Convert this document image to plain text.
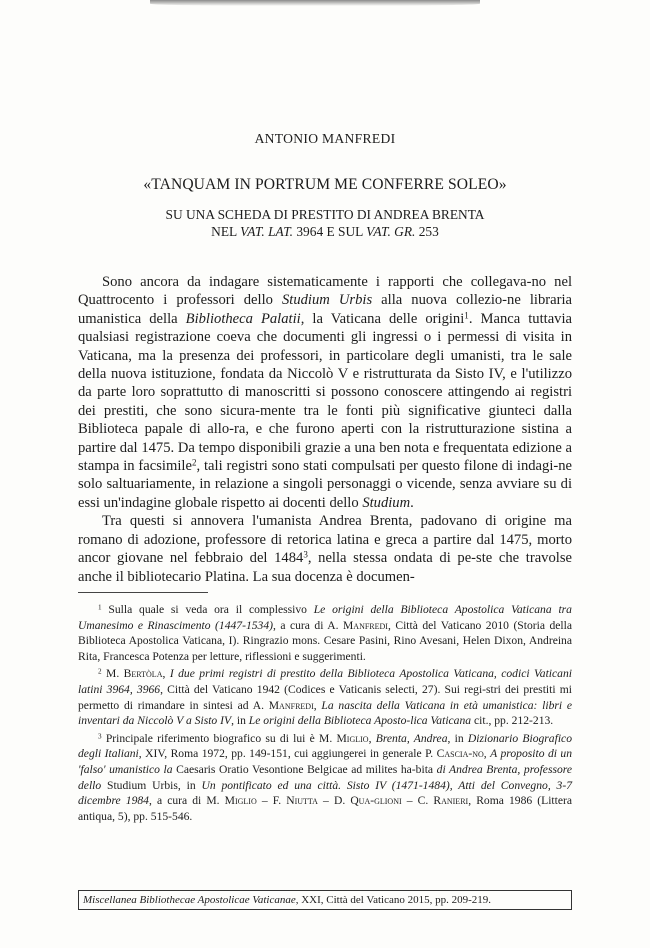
ANTONIO MANFREDI
«TANQUAM IN PORTRUM ME CONFERRE SOLEO»
SU UNA SCHEDA DI PRESTITO DI ANDREA BRENTA
NEL VAT. LAT. 3964 E SUL VAT. GR. 253

Sono ancora da indagare sistematicamente i rapporti che collegava-no nel Quattrocento i professori dello Studium Urbis alla nuova collezio-ne libraria umanistica della Bibliotheca Palatii, la Vaticana delle origini$^1$. Manca tuttavia qualsiasi registrazione coeva che documenti gli ingressi o i permessi di visita in Vaticana, ma la presenza dei professori, in particolare degli umanisti, tra le sale della nuova istituzione, fondata da Niccolò V e ristrutturata da Sisto IV, e l'utilizzo da parte loro soprattutto di manoscritti si possono conoscere attingendo ai registri dei prestiti, che sono sicura-mente tra le fonti più significative giunteci dalla Biblioteca papale di allo-ra, e che furono aperti con la ristrutturazione sistina a partire dal 1475. Da tempo disponibili grazie a una ben nota e frequentata edizione a stampa in facsimile$^2$, tali registri sono stati compulsati per questo filone di indagi-ne solo saltuariamente, in relazione a singoli personaggi o vicende, senza avviare su di essi un'indagine globale rispetto ai docenti dello Studium.

Tra questi si annovera l'umanista Andrea Brenta, padovano di origine ma romano di adozione, professore di retorica latina e greca a partire dal 1475, morto ancor giovane nel febbraio del 1484$^3$, nella stessa ondata di pe-ste che travolse anche il bibliotecario Platina. La sua docenza è documen-

$^1$ Sulla quale si veda ora il complessivo Le origini della Biblioteca Apostolica Vaticana tra Umanesimo e Rinascimento (1447-1534), a cura di A. Manfredi, Città del Vaticano 2010 (Storia della Biblioteca Apostolica Vaticana, I). Ringrazio mons. Cesare Pasini, Rino Avesani, Helen Dixon, Andreina Rita, Francesca Potenza per letture, riflessioni e suggerimenti.

$^2$ M. Bertòla, I due primi registri di prestito della Biblioteca Apostolica Vaticana, codici Vaticani latini 3964, 3966, Città del Vaticano 1942 (Codices e Vaticanis selecti, 27). Sui regi-stri dei prestiti mi permetto di rimandare in sintesi ad A. Manfredi, La nascita della Vaticana in età umanistica: libri e inventari da Niccolò V a Sisto IV, in Le origini della Biblioteca Aposto-lica Vaticana cit., pp. 212-213.

$^3$ Principale riferimento biografico su di lui è M. Miglio, Brenta, Andrea, in Dizionario Biografico degli Italiani, XIV, Roma 1972, pp. 149-151, cui aggiungerei in generale P. Cascia-no, A proposito di un 'falso' umanistico la Caesaris Oratio Vesontione Belgicae ad milites ha-bita di Andrea Brenta, professore dello Studium Urbis, in Un pontificato ed una città. Sisto IV (1471-1484), Atti del Convegno, 3-7 dicembre 1984, a cura di M. Miglio – F. Niutta – D. Qua-glioni – C. Ranieri, Roma 1986 (Littera antiqua, 5), pp. 515-546.

Miscellanea Bibliothecae Apostolicae Vaticanae, XXI, Città del Vaticano 2015, pp. 209-219.
